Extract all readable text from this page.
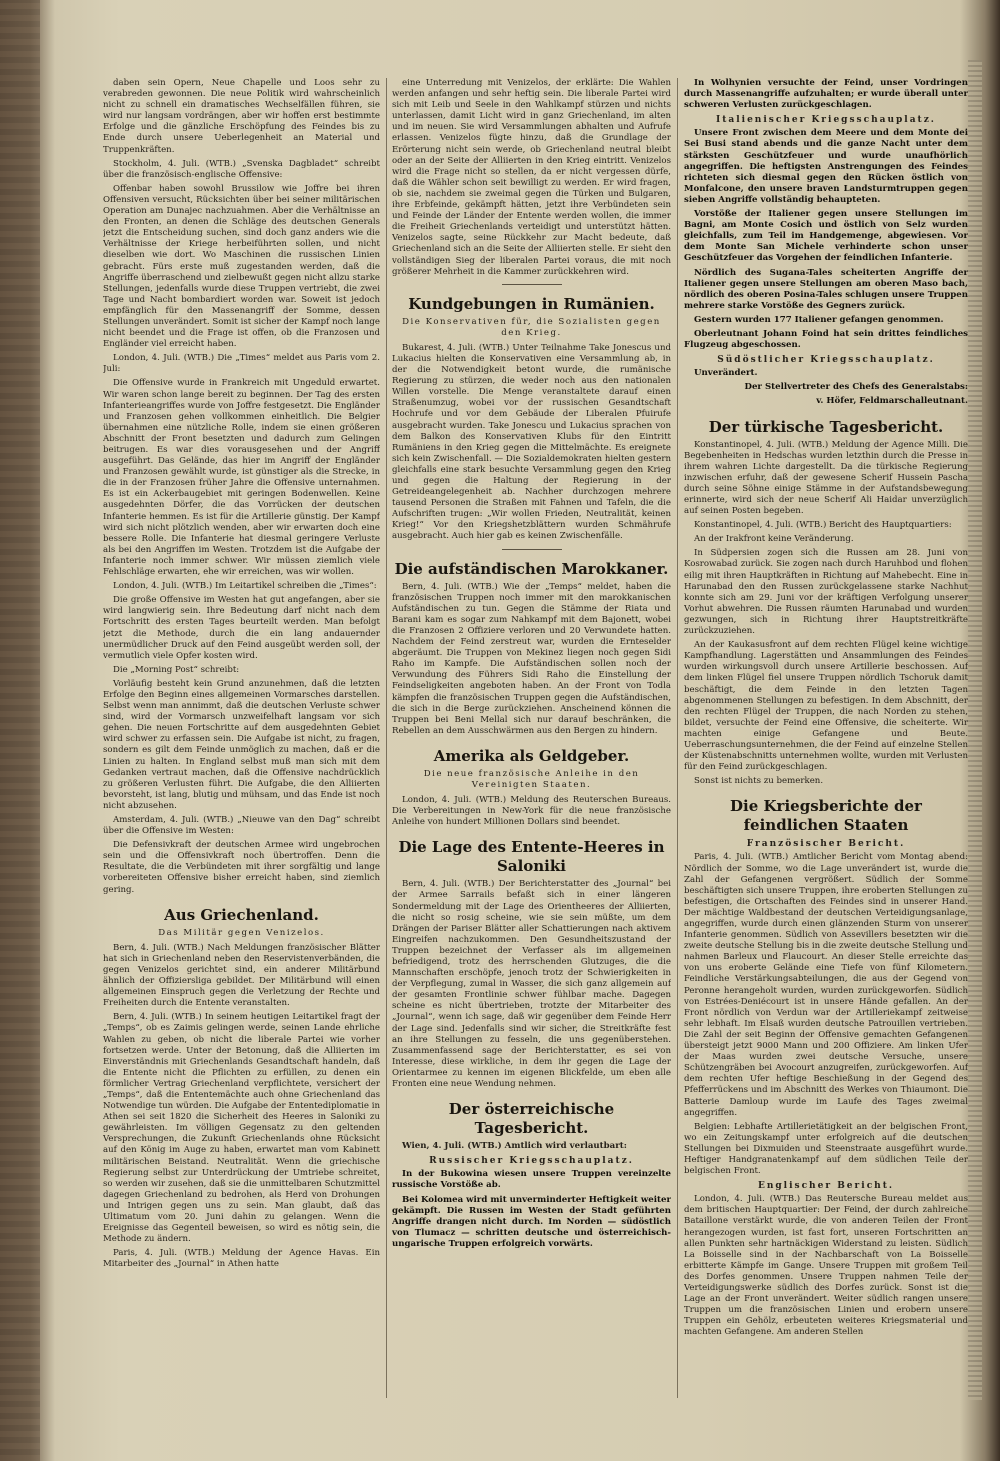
daben sein Opern, Neue Chapelle und Loos sehr zu verabreden gewonnen. Die neue Politik wird wahrscheinlich nicht zu schnell ein dramatisches Wechselfällen führen, sie wird nur langsam vordrängen, aber wir hoffen erst bestimmte Erfolge und die gänzliche Erschöpfung des Feindes bis zu Ende durch unsere Ueberlegenheit an Material und Truppenkräften.

Stockholm, 4. Juli. (WTB.) „Svenska Dagbladet“ schreibt über die französisch-englische Offensive:

Offenbar haben sowohl Brussilow wie Joffre bei ihren Offensiven versucht, Rücksichten über bei seiner militärischen Operation am Dunajec nachzuahmen. Aber die Verhältnisse an den Fronten, an denen die Schläge des deutschen Generals jetzt die Entscheidung suchen, sind doch ganz anders wie die Verhältnisse der Kriege herbeiführten sollen, und nicht dieselben wie dort. Wo Maschinen die russischen Linien gebracht. Fürs erste muß zugestanden werden, daß die Angriffe überraschend und zielbewußt gegen nicht allzu starke Stellungen, jedenfalls wurde diese Truppen vertriebt, die zwei Tage und Nacht bombardiert worden war. Soweit ist jedoch empfänglich für den Massenangriff der Somme, dessen Stellungen unverändert. Somit ist sicher der Kampf noch lange nicht beendet und die Frage ist offen, ob die Franzosen und Engländer viel erreicht haben.

London, 4. Juli. (WTB.) Die „Times“ meldet aus Paris vom 2. Juli:

Die Offensive wurde in Frankreich mit Ungeduld erwartet. Wir waren schon lange bereit zu beginnen. Der Tag des ersten Infanterieangriffes wurde von Joffre festgesetzt. Die Engländer und Franzosen gehen vollkommen einheitlich. Die Belgier übernahmen eine nützliche Rolle, indem sie einen größeren Abschnitt der Front besetzten und dadurch zum Gelingen beitrugen. Es war dies vorausgesehen und der Angriff ausgeführt. Das Gelände, das hier im Angriff der Engländer und Franzosen gewählt wurde, ist günstiger als die Strecke, in die in der Franzosen früher Jahre die Offensive unternahmen. Es ist ein Ackerbaugebiet mit geringen Bodenwellen. Keine ausgedehnten Dörfer, die das Vorrücken der deutschen Infanterie hemmen. Es ist für die Artillerie günstig. Der Kampf wird sich nicht plötzlich wenden, aber wir erwarten doch eine bessere Rolle. Die Infanterie hat diesmal geringere Verluste als bei den Angriffen im Westen. Trotzdem ist die Aufgabe der Infanterie noch immer schwer. Wir müssen ziemlich viele Fehlschläge erwarten, ehe wir erreichen, was wir wollen.

London, 4. Juli. (WTB.) Im Leitartikel schreiben die „Times“:

Die große Offensive im Westen hat gut angefangen, aber sie wird langwierig sein. Ihre Bedeutung darf nicht nach dem Fortschritt des ersten Tages beurteilt werden. Man befolgt jetzt die Methode, durch die ein lang andauernder unermüdlicher Druck auf den Feind ausgeübt werden soll, der vermutlich viele Opfer kosten wird.

Die „Morning Post“ schreibt:

Vorläufig besteht kein Grund anzunehmen, daß die letzten Erfolge den Beginn eines allgemeinen Vormarsches darstellen. Selbst wenn man annimmt, daß die deutschen Verluste schwer sind, wird der Vormarsch unzweifelhaft langsam vor sich gehen. Die neuen Fortschritte auf dem ausgedehnten Gebiet wird schwer zu erfassen sein. Die Aufgabe ist nicht, zu fragen, sondern es gilt dem Feinde unmöglich zu machen, daß er die Linien zu halten. In England selbst muß man sich mit dem Gedanken vertraut machen, daß die Offensive nachdrücklich zu größeren Verlusten führt. Die Aufgabe, die den Alliierten bevorsteht, ist lang, blutig und mühsam, und das Ende ist noch nicht abzusehen.

Amsterdam, 4. Juli. (WTB.) „Nieuwe van den Dag“ schreibt über die Offensive im Westen:

Die Defensivkraft der deutschen Armee wird ungebrochen sein und die Offensivkraft noch übertroffen. Denn die Resultate, die die Verbündeten mit ihrer sorgfältig und lange vorbereiteten Offensive bisher erreicht haben, sind ziemlich gering.

Aus Griechenland.
Das Militär gegen Venizelos.

Bern, 4. Juli. (WTB.) Nach Meldungen französischer Blätter hat sich in Griechenland neben den Reservistenverbänden, die gegen Venizelos gerichtet sind, ein anderer Militärbund ähnlich der Offiziersliga gebildet. Der Militärbund will einen allgemeinen Einspruch gegen die Verletzung der Rechte und Freiheiten durch die Entente veranstalten.

Bern, 4. Juli. (WTB.) In seinem heutigen Leitartikel fragt der „Temps“, ob es Zaimis gelingen werde, seinen Lande ehrliche Wahlen zu geben, ob nicht die liberale Partei wie vorher fortsetzen werde. Unter der Betonung, daß die Alliierten im Einverständnis mit Griechenlands Gesandtschaft handeln, daß die Entente nicht die Pflichten zu erfüllen, zu denen ein förmlicher Vertrag Griechenland verpflichtete, versichert der „Temps“, daß die Ententemächte auch ohne Griechenland das Notwendige tun würden. Die Aufgabe der Ententediplomatie in Athen sei seit 1820 die Sicherheit des Heeres in Saloniki zu gewährleisten. Im völligen Gegensatz zu den geltenden Versprechungen, die Zukunft Griechenlands ohne Rücksicht auf den König im Auge zu haben, erwartet man vom Kabinett militärischen Beistand. Neutralität. Wenn die griechische Regierung selbst zur Unterdrückung der Umtriebe schreitet, so werden wir zusehen, daß sie die unmittelbaren Schutzmittel dagegen Griechenland zu bedrohen, als Herd von Drohungen und Intrigen gegen uns zu sein. Man glaubt, daß das Ultimatum vom 20. Juni dahin zu gelangen. Wenn die Ereignisse das Gegenteil beweisen, so wird es nötig sein, die Methode zu ändern.

Paris, 4. Juli. (WTB.) Meldung der Agence Havas. Ein Mitarbeiter des „Journal“ in Athen hatte

eine Unterredung mit Venizelos, der erklärte: Die Wahlen werden anfangen und sehr heftig sein. Die liberale Partei wird sich mit Leib und Seele in den Wahlkampf stürzen und nichts unterlassen, damit Licht wird in ganz Griechenland, im alten und im neuen. Sie wird Versammlungen abhalten und Aufrufe erlassen. Venizelos fügte hinzu, daß die Grundlage der Erörterung nicht sein werde, ob Griechenland neutral bleibt oder an der Seite der Alliierten in den Krieg eintritt. Venizelos wird die Frage nicht so stellen, da er nicht vergessen dürfe, daß die Wähler schon seit bewilligt zu werden. Er wird fragen, ob sie, nachdem sie zweimal gegen die Türken und Bulgaren, ihre Erbfeinde, gekämpft hätten, jetzt ihre Verbündeten sein und Feinde der Länder der Entente werden wollen, die immer die Freiheit Griechenlands verteidigt und unterstützt hätten. Venizelos sagte, seine Rückkehr zur Macht bedeute, daß Griechenland sich an die Seite der Alliierten stelle. Er sieht den vollständigen Sieg der liberalen Partei voraus, die mit noch größerer Mehrheit in die Kammer zurückkehren wird.

Kundgebungen in Rumänien.
Die Konservativen für, die Sozialisten gegen den Krieg.

Bukarest, 4. Juli. (WTB.) Unter Teilnahme Take Jonescus und Lukacius hielten die Konservativen eine Versammlung ab, in der die Notwendigkeit betont wurde, die rumänische Regierung zu stürzen, die weder noch aus den nationalen Willen vorstelle. Die Menge veranstaltete darauf einen Straßenumzug, wobei vor der russischen Gesandtschaft Hochrufe und vor dem Gebäude der Liberalen Pfuirufe ausgebracht wurden. Take Jonescu und Lukacius sprachen von dem Balkon des Konservativen Klubs für den Eintritt Rumäniens in den Krieg gegen die Mittelmächte. Es ereignete sich kein Zwischenfall. — Die Sozialdemokraten hielten gestern gleichfalls eine stark besuchte Versammlung gegen den Krieg und gegen die Haltung der Regierung in der Getreideangelegenheit ab. Nachher durchzogen mehrere tausend Personen die Straßen mit Fahnen und Tafeln, die die Aufschriften trugen: „Wir wollen Frieden, Neutralität, keinen Krieg!“ Vor den Kriegshetzblättern wurden Schmährufe ausgebracht. Auch hier gab es keinen Zwischenfälle.

Die aufständischen Marokkaner.

Bern, 4. Juli. (WTB.) Wie der „Temps“ meldet, haben die französischen Truppen noch immer mit den marokkanischen Aufständischen zu tun. Gegen die Stämme der Riata und Barani kam es sogar zum Nahkampf mit dem Bajonett, wobei die Franzosen 2 Offiziere verloren und 20 Verwundete hatten. Nachdem der Feind zerstreut war, wurden die Ernteselder abgeräumt. Die Truppen von Mekinez liegen noch gegen Sidi Raho im Kampfe. Die Aufständischen sollen noch der Verwundung des Führers Sidi Raho die Einstellung der Feindseligkeiten angeboten haben. An der Front von Todla kämpfen die französischen Truppen gegen die Aufständischen, die sich in die Berge zurückziehen. Anscheinend können die Truppen bei Beni Mellal sich nur darauf beschränken, die Rebellen an dem Ausschwärmen aus den Bergen zu hindern.

Amerika als Geldgeber.
Die neue französische Anleihe in den Vereinigten Staaten.

London, 4. Juli. (WTB.) Meldung des Reuterschen Bureaus. Die Verbereitungen in New-York für die neue französische Anleihe von hundert Millionen Dollars sind beendet.

Die Lage des Entente-Heeres in Saloniki

Bern, 4. Juli. (WTB.) Der Berichterstatter des „Journal“ bei der Armee Sarrails befaßt sich in einer längeren Sondermeldung mit der Lage des Orientheeres der Alliierten, die nicht so rosig scheine, wie sie sein müßte, um dem Drängen der Pariser Blätter aller Schattierungen nach aktivem Eingreifen nachzukommen. Den Gesundheitszustand der Truppen bezeichnet der Verfasser als im allgemeinen befriedigend, trotz des herrschenden Glutzuges, die die Mannschaften erschöpfe, jenoch trotz der Schwierigkeiten in der Verpflegung, zumal in Wasser, die sich ganz allgemein auf der gesamten Frontlinie schwer fühlbar mache. Dagegen scheine es nicht übertrieben, trotzte der Mitarbeiter des „Journal“, wenn ich sage, daß wir gegenüber dem Feinde Herr der Lage sind. Jedenfalls sind wir sicher, die Streitkräfte fest an ihre Stellungen zu fesseln, die uns gegenüberstehen. Zusammenfassend sage der Berichterstatter, es sei von Interesse, diese wirkliche, in dem ihr gegen die Lage der Orientarmee zu kennen im eigenen Blickfelde, um eben alle Fronten eine neue Wendung nehmen.

Der österreichische Tagesbericht.

Wien, 4. Juli. (WTB.) Amtlich wird verlautbart:

Russischer Kriegsschauplatz.

In der Bukowina wiesen unsere Truppen vereinzelte russische Vorstöße ab.

Bei Kolomea wird mit unverminderter Heftigkeit weiter gekämpft. Die Russen im Westen der Stadt geführten Angriffe drangen nicht durch. Im Norden — südöstlich von Tlumacz — schritten deutsche und österreichisch-ungarische Truppen erfolgreich vorwärts.

In Wolhynien versuchte der Feind, unser Vordringen durch Massenangriffe aufzuhalten; er wurde überall unter schweren Verlusten zurückgeschlagen.

Italienischer Kriegsschauplatz.

Unsere Front zwischen dem Meere und dem Monte dei Sei Busi stand abends und die ganze Nacht unter dem stärksten Geschützfeuer und wurde unaufhörlich angegriffen. Die heftigsten Anstrengungen des Feindes richteten sich diesmal gegen den Rücken östlich von Monfalcone, den unsere braven Landsturmtruppen gegen sieben Angriffe vollständig behaupteten.

Vorstöße der Italiener gegen unsere Stellungen im Bagni, am Monte Cosich und östlich von Selz wurden gleichfalls, zum Teil im Handgemenge, abgewiesen. Vor dem Monte San Michele verhinderte schon unser Geschützfeuer das Vorgehen der feindlichen Infanterie.

Nördlich des Sugana-Tales scheiterten Angriffe der Italiener gegen unsere Stellungen am oberen Maso bach, nördlich des oberen Posina-Tales schlugen unsere Truppen mehrere starke Vorstöße des Gegners zurück.

Gestern wurden 177 Italiener gefangen genommen.

Oberleutnant Johann Foind hat sein drittes feindliches Flugzeug abgeschossen.

Südöstlicher Kriegsschauplatz.

Unverändert.

Der Stellvertreter des Chefs des Generalstabs:

v. Höfer, Feldmarschalleutnant.

Der türkische Tagesbericht.

Konstantinopel, 4. Juli. (WTB.) Meldung der Agence Milli. Die Begebenheiten in Hedschas wurden letzthin durch die Presse in ihrem wahren Lichte dargestellt. Da die türkische Regierung inzwischen erfuhr, daß der gewesene Scherif Hussein Pascha durch seine Söhne einige Stämme in der Aufstandsbewegung erinnerte, wird sich der neue Scherif Ali Haidar unverzüglich auf seinen Posten begeben.

Konstantinopel, 4. Juli. (WTB.) Bericht des Hauptquartiers:

An der Irakfront keine Veränderung.

In Südpersien zogen sich die Russen am 28. Juni von Kosrowabad zurück. Sie zogen nach durch Haruhbod und flohen eilig mit ihren Hauptkräften in Richtung auf Mahebecht. Eine in Harunabad den den Russen zurückgelassene starke Nachhut konnte sich am 29. Juni vor der kräftigen Verfolgung unserer Vorhut abwehren. Die Russen räumten Harunabad und wurden gezwungen, sich in Richtung ihrer Hauptstreitkräfte zurückzuziehen.

An der Kaukasusfront auf dem rechten Flügel keine wichtige Kampfhandlung. Lagerstätten und Ansammlungen des Feindes wurden wirkungsvoll durch unsere Artillerie beschossen. Auf dem linken Flügel fiel unsere Truppen nördlich Tschoruk damit beschäftigt, die dem Feinde in den letzten Tagen abgenommenen Stellungen zu befestigen. In dem Abschnitt, der den rechten Flügel der Truppen, die nach Norden zu stehen, bildet, versuchte der Feind eine Offensive, die scheiterte. Wir machten einige Gefangene und Beute. Ueberraschungsunternehmen, die der Feind auf einzelne Stellen der Küstenabschnitts unternehmen wollte, wurden mit Verlusten für den Feind zurückgeschlagen.

Sonst ist nichts zu bemerken.

Die Kriegsberichte der feindlichen Staaten
Französischer Bericht.

Paris, 4. Juli. (WTB.) Amtlicher Bericht vom Montag abend: Nördlich der Somme, wo die Lage unverändert ist, wurde die Zahl der Gefangenen vergrößert. Südlich der Somme beschäftigten sich unsere Truppen, ihre eroberten Stellungen zu befestigen, die Ortschaften des Feindes sind in unserer Hand. Der mächtige Waldbestand der deutschen Verteidigungsanlage, angegriffen, wurde durch einen glänzenden Sturm von unserer Infanterie genommen. Südlich von Assevillers besetzten wir die zweite deutsche Stellung bis in die zweite deutsche Stellung und nahmen Barleux und Flaucourt. An dieser Stelle erreichte das von uns eroberte Gelände eine Tiefe von fünf Kilometern. Feindliche Verstärkungsabteilungen, die aus der Gegend von Peronne herangeholt wurden, wurden zurückgeworfen. Südlich von Estrées-Deniécourt ist in unsere Hände gefallen. An der Front nördlich von Verdun war der Artilleriekampf zeitweise sehr lebhaft. Im Elsaß wurden deutsche Patrouillen vertrieben. Die Zahl der seit Beginn der Offensive gemachten Gefangenen übersteigt jetzt 9000 Mann und 200 Offiziere. Am linken Ufer der Maas wurden zwei deutsche Versuche, unsere Schützengräben bei Avocourt anzugreifen, zurückgeworfen. Auf dem rechten Ufer heftige Beschießung in der Gegend des Pfefferrückens und im Abschnitt des Werkes von Thiaumont. Die Batterie Damloup wurde im Laufe des Tages zweimal angegriffen.

Belgien: Lebhafte Artillerietätigkeit an der belgischen Front, wo ein Zeitungskampf unter erfolgreich auf die deutschen Stellungen bei Dixmuiden und Steenstraate ausgeführt wurde. Heftiger Handgranatenkampf auf dem südlichen Teile der belgischen Front.

Englischer Bericht.

London, 4. Juli. (WTB.) Das Reutersche Bureau meldet aus dem britischen Hauptquartier: Der Feind, der durch zahlreiche Bataillone verstärkt wurde, die von anderen Teilen der Front herangezogen wurden, ist fast fort, unseren Fortschritten an allen Punkten sehr hartnäckigen Widerstand zu leisten. Südlich La Boisselle sind in der Nachbarschaft von La Boisselle erbitterte Kämpfe im Gange. Unsere Truppen mit großem Teil des Dorfes genommen. Unsere Truppen nahmen Teile der Verteidigungswerke südlich des Dorfes zurück. Sonst ist die Lage an der Front unverändert. Weiter südlich rangen unsere Truppen um die französischen Linien und erobern unsere Truppen ein Gehölz, erbeuteten weiteres Kriegsmaterial und machten Gefangene. Am anderen Stellen
